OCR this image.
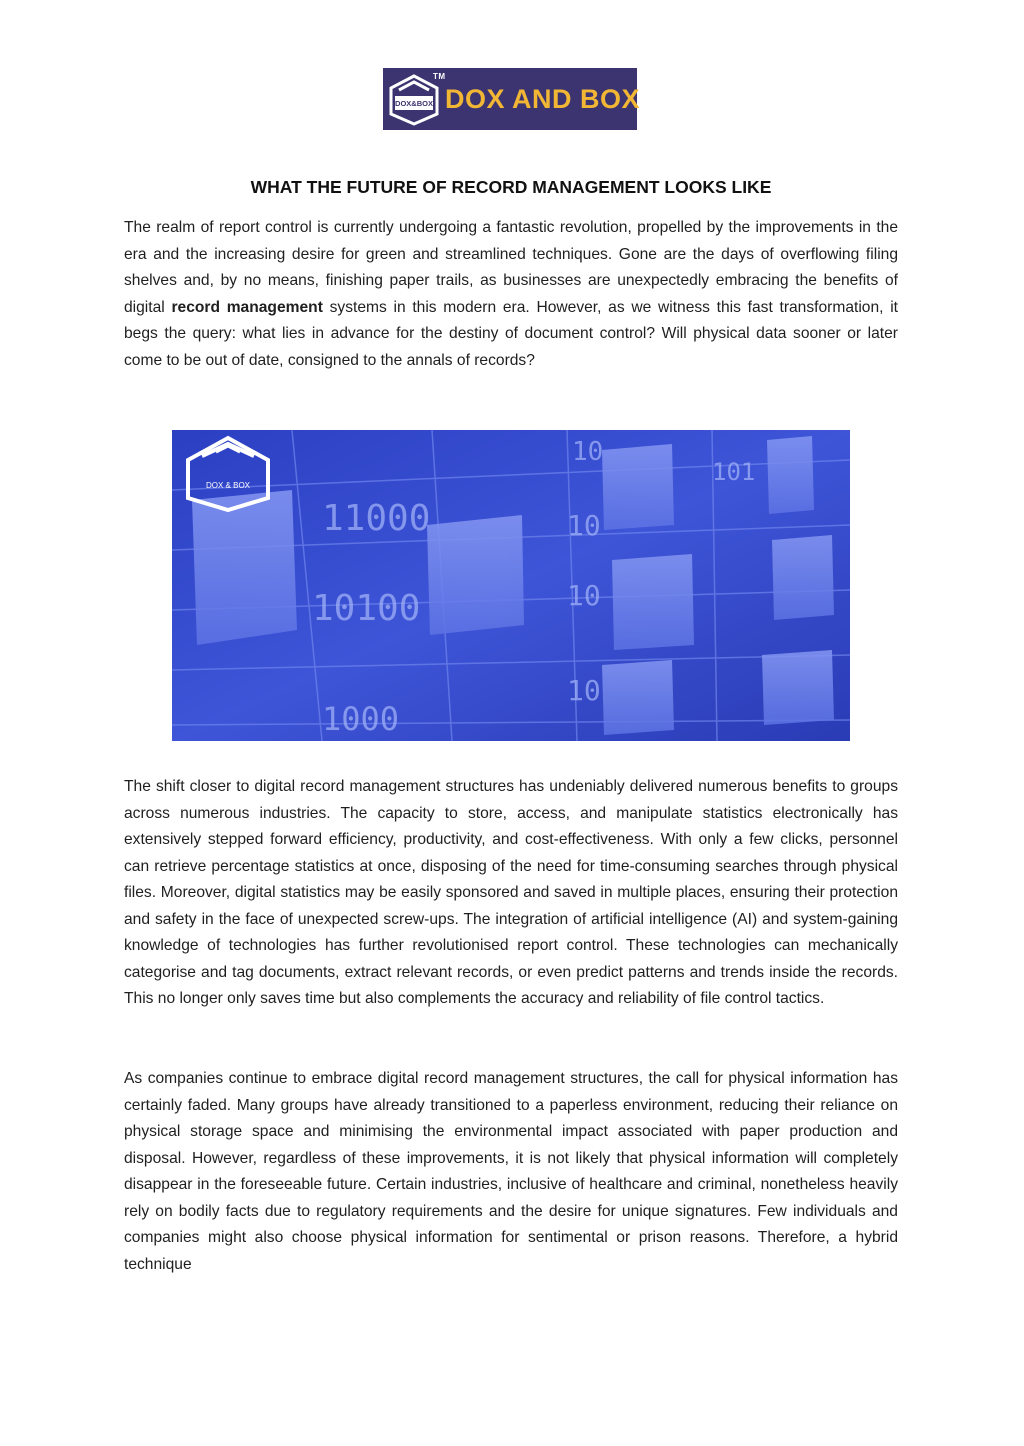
DOX&BOX
TM
DOX AND BOX
WHAT THE FUTURE OF RECORD MANAGEMENT LOOKS LIKE

The realm of report control is currently undergoing a fantastic revolution, propelled by the improvements in the era and the increasing desire for green and streamlined techniques. Gone are the days of overflowing filing shelves and, by no means, finishing paper trails, as businesses are unexpectedly embracing the benefits of digital record management systems in this modern era. However, as we witness this fast transformation, it begs the query: what lies in advance for the destiny of document control? Will physical data sooner or later come to be out of date, consigned to the annals of records?

11000
10100
1000
10
10
101
10
10
DOX & BOX

The shift closer to digital record management structures has undeniably delivered numerous benefits to groups across numerous industries. The capacity to store, access, and manipulate statistics electronically has extensively stepped forward efficiency, productivity, and cost-effectiveness. With only a few clicks, personnel can retrieve percentage statistics at once, disposing of the need for time-consuming searches through physical files. Moreover, digital statistics may be easily sponsored and saved in multiple places, ensuring their protection and safety in the face of unexpected screw-ups. The integration of artificial intelligence (AI) and system-gaining knowledge of technologies has further revolutionised report control. These technologies can mechanically categorise and tag documents, extract relevant records, or even predict patterns and trends inside the records. This no longer only saves time but also complements the accuracy and reliability of file control tactics.

As companies continue to embrace digital record management structures, the call for physical information has certainly faded. Many groups have already transitioned to a paperless environment, reducing their reliance on physical storage space and minimising the environmental impact associated with paper production and disposal. However, regardless of these improvements, it is not likely that physical information will completely disappear in the foreseeable future. Certain industries, inclusive of healthcare and criminal, nonetheless heavily rely on bodily facts due to regulatory requirements and the desire for unique signatures. Few individuals and companies might also choose physical information for sentimental or prison reasons. Therefore, a hybrid technique
